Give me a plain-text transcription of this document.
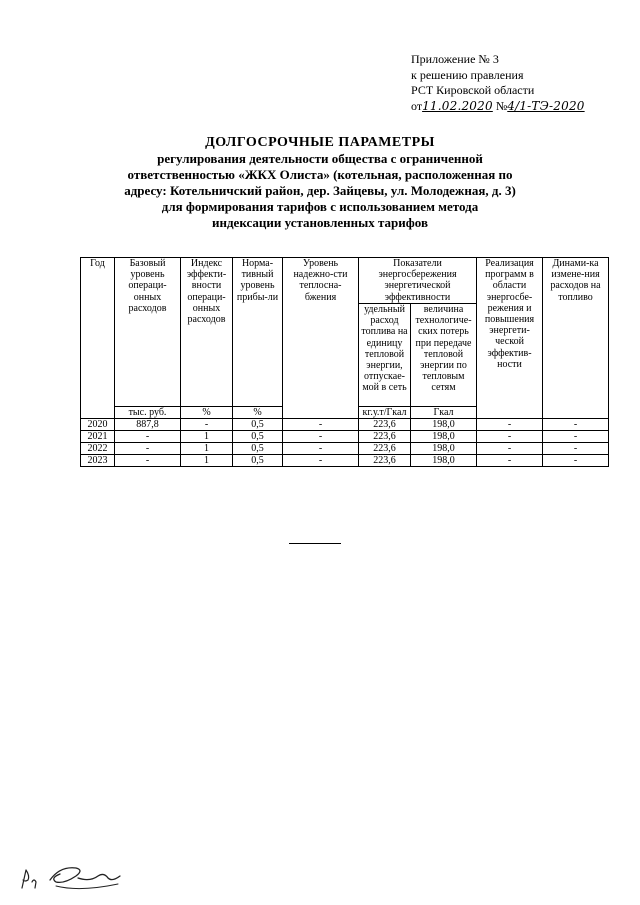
Приложение № 3
к решению правления
РСТ Кировской области
от11.02.2020 №4/1-ТЭ-2020
ДОЛГОСРОЧНЫЕ ПАРАМЕТРЫ
регулирования деятельности общества с ограниченной
ответственностью «ЖКХ Олиста» (котельная, расположенная по
адресу: Котельничский район, дер. Зайцевы, ул. Молодежная, д. 3)
для формирования тарифов с использованием метода
индексации установленных тарифов
Год	Базовый уровень операци-онных расходов	Индекс эффекти-вности операци-онных расходов	Норма-тивный уровень прибы-ли	Уровень надежно-сти теплосна-бжения	Показатели энергосбережения энергетической эффективности		Реализация программ в области энергосбе-режения и повышения энергети-ческой эффектив-ности	Динами-ка измене-ния расходов на топливо
					удельный расход топлива на единицу тепловой энергии, отпускае-мой в сеть	величина технологиче-ских потерь при передаче тепловой энергии по тепловым сетям		
	тыс. руб.	%	%		кг.у.т/Гкал	Гкал		
2020	887,8	-	0,5	-	223,6	198,0	-	-
2021	-	1	0,5	-	223,6	198,0	-	-
2022	-	1	0,5	-	223,6	198,0	-	-
2023	-	1	0,5	-	223,6	198,0	-	-
